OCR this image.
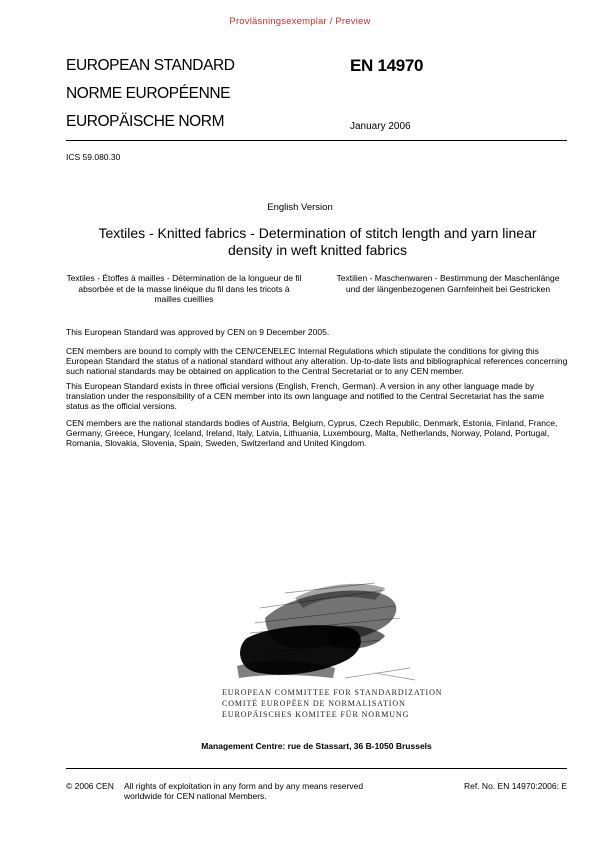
Provläsningsexemplar / Preview
EUROPEAN STANDARD
NORME EUROPÉENNE
EUROPÄISCHE NORM
EN 14970
January 2006
ICS 59.080.30
English Version
Textiles - Knitted fabrics - Determination of stitch length and yarn linear density in weft knitted fabrics
Textiles - Étoffes à mailles - Détermination de la longueur de fil absorbée et de la masse linéique du fil dans les tricots à mailles cueillies
Textilien - Maschenwaren - Bestimmung der Maschenlänge und der längenbezogenen Garnfeinheit bei Gestricken
This European Standard was approved by CEN on 9 December 2005.
CEN members are bound to comply with the CEN/CENELEC Internal Regulations which stipulate the conditions for giving this European Standard the status of a national standard without any alteration. Up-to-date lists and bibliographical references concerning such national standards may be obtained on application to the Central Secretariat or to any CEN member.
This European Standard exists in three official versions (English, French, German). A version in any other language made by translation under the responsibility of a CEN member into its own language and notified to the Central Secretariat has the same status as the official versions.
CEN members are the national standards bodies of Austria, Belgium, Cyprus, Czech Republic, Denmark, Estonia, Finland, France, Germany, Greece, Hungary, Iceland, Ireland, Italy, Latvia, Lithuania, Luxembourg, Malta, Netherlands, Norway, Poland, Portugal, Romania, Slovakia, Slovenia, Spain, Sweden, Switzerland and United Kingdom.
EUROPEAN COMMITTEE FOR STANDARDIZATION
COMITÉ EUROPÉEN DE NORMALISATION
EUROPÄISCHES KOMITEE FÜR NORMUNG
Management Centre: rue de Stassart, 36 B-1050 Brussels
© 2006 CEN All rights of exploitation in any form and by any means reserved worldwide for CEN national Members.
Ref. No. EN 14970:2006: E
